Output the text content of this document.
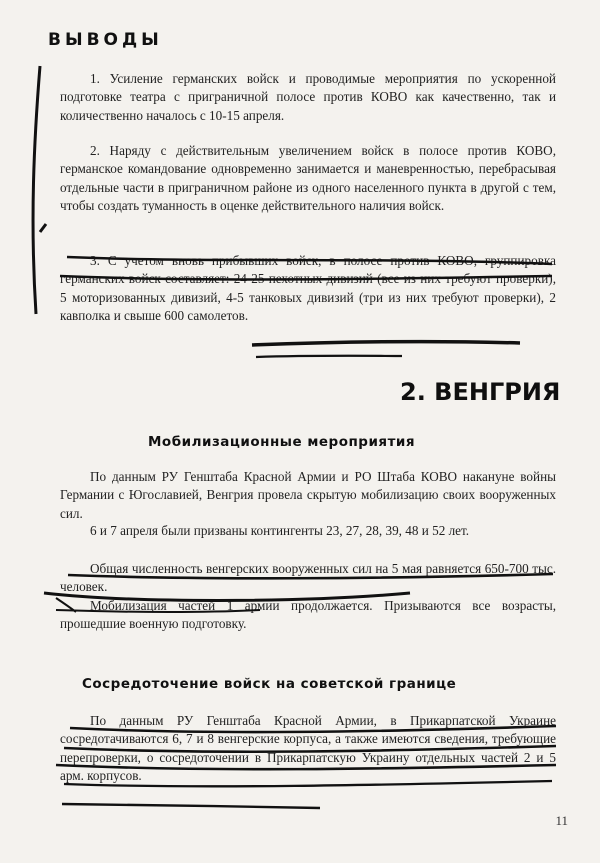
ВЫВОДЫ
1. Усиление германских войск и проводимые мероприятия по ускоренной подготовке театра с приграничной полосе против КОВО как качественно, так и количественно началось с 10-15 апреля.
2. Наряду с действительным увеличением войск в полосе против КОВО, германское командование одновременно занимается и маневренностью, перебрасывая отдельные части в приграничном районе из одного населенного пункта в другой с тем, чтобы создать туманность в оценке действительного наличия войск.
3. С учетом вновь прибывших войск, в полосе против КОВО, группировка германских войск составляет: 24-25 пехотных дивизий (все из них требуют проверки), 5 моторизованных дивизий, 4-5 танковых дивизий (три из них требуют проверки), 2 кавполка и свыше 600 самолетов.
2. ВЕНГРИЯ
Мобилизационные мероприятия
По данным РУ Генштаба Красной Армии и РО Штаба КОВО накануне войны Германии с Югославией, Венгрия провела скрытую мобилизацию своих вооруженных сил.
6 и 7 апреля были призваны контингенты 23, 27, 28, 39, 48 и 52 лет.
Общая численность венгерских вооруженных сил на 5 мая равняется 650-700 тыс. человек.
Мобилизация частей 1 армии продолжается. Призываются все возрасты, прошедшие военную подготовку.
Сосредоточение войск на советской границе
По данным РУ Генштаба Красной Армии, в Прикарпатской Украине сосредотачиваются 6, 7 и 8 венгерские корпуса, а также имеются сведения, требующие перепроверки, о сосредоточении в Прикарпатскую Украину отдельных частей 2 и 5 арм. корпусов.
11
